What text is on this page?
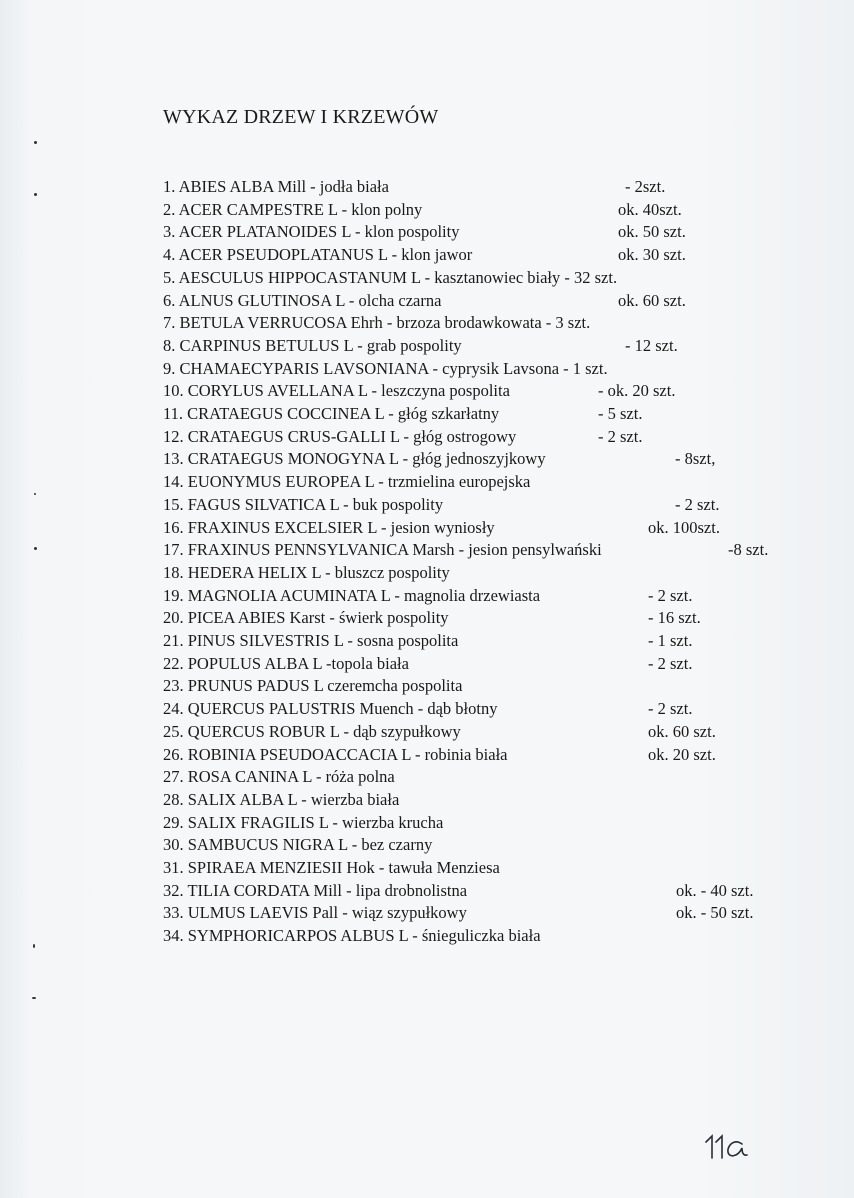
WYKAZ DRZEW I KRZEWÓW
1. ABIES ALBA Mill - jodła biała	- 2szt.
2. ACER CAMPESTRE L - klon polny	ok. 40szt.
3. ACER PLATANOIDES L - klon pospolity	ok. 50 szt.
4. ACER PSEUDOPLATANUS L - klon jawor	ok. 30 szt.
5. AESCULUS HIPPOCASTANUM L - kasztanowiec biały - 32 szt.
6. ALNUS GLUTINOSA L - olcha czarna	ok. 60 szt.
7. BETULA VERRUCOSA Ehrh - brzoza brodawkowata - 3 szt.
8. CARPINUS BETULUS L - grab pospolity	- 12 szt.
9. CHAMAECYPARIS LAVSONIANA - cyprysik Lavsona - 1 szt.
10. CORYLUS AVELLANA L - leszczyna pospolita	- ok. 20 szt.
11. CRATAEGUS COCCINEA L - głóg szkarłatny	- 5 szt.
12. CRATAEGUS CRUS-GALLI L - głóg ostrogowy	- 2 szt.
13. CRATAEGUS MONOGYNA L - głóg jednoszyjkowy	- 8szt,
14. EUONYMUS EUROPEA L - trzmielina europejska
15. FAGUS SILVATICA L - buk pospolity	- 2 szt.
16. FRAXINUS EXCELSIER L - jesion wyniosły	ok. 100szt.
17. FRAXINUS PENNSYLVANICA Marsh - jesion pensylwański	-8 szt.
18. HEDERA HELIX L - bluszcz pospolity
19. MAGNOLIA ACUMINATA L - magnolia drzewiasta	- 2 szt.
20. PICEA ABIES Karst - świerk pospolity	- 16 szt.
21. PINUS SILVESTRIS L - sosna pospolita	- 1 szt.
22. POPULUS ALBA L -topola biała	- 2 szt.
23. PRUNUS PADUS L czeremcha pospolita
24. QUERCUS PALUSTRIS Muench - dąb błotny	- 2 szt.
25. QUERCUS ROBUR L - dąb szypułkowy	ok. 60 szt.
26. ROBINIA PSEUDOACCACIA L - robinia biała	ok. 20 szt.
27. ROSA CANINA L - róża polna
28. SALIX ALBA L - wierzba biała
29. SALIX FRAGILIS L - wierzba krucha
30. SAMBUCUS NIGRA L - bez czarny
31. SPIRAEA MENZIESII Hok - tawuła Menziesa
32. TILIA CORDATA Mill - lipa drobnolistna	ok. - 40 szt.
33. ULMUS LAEVIS Pall - wiąz szypułkowy	ok. - 50 szt.
34. SYMPHORICARPOS ALBUS L - śnieguliczka biała
